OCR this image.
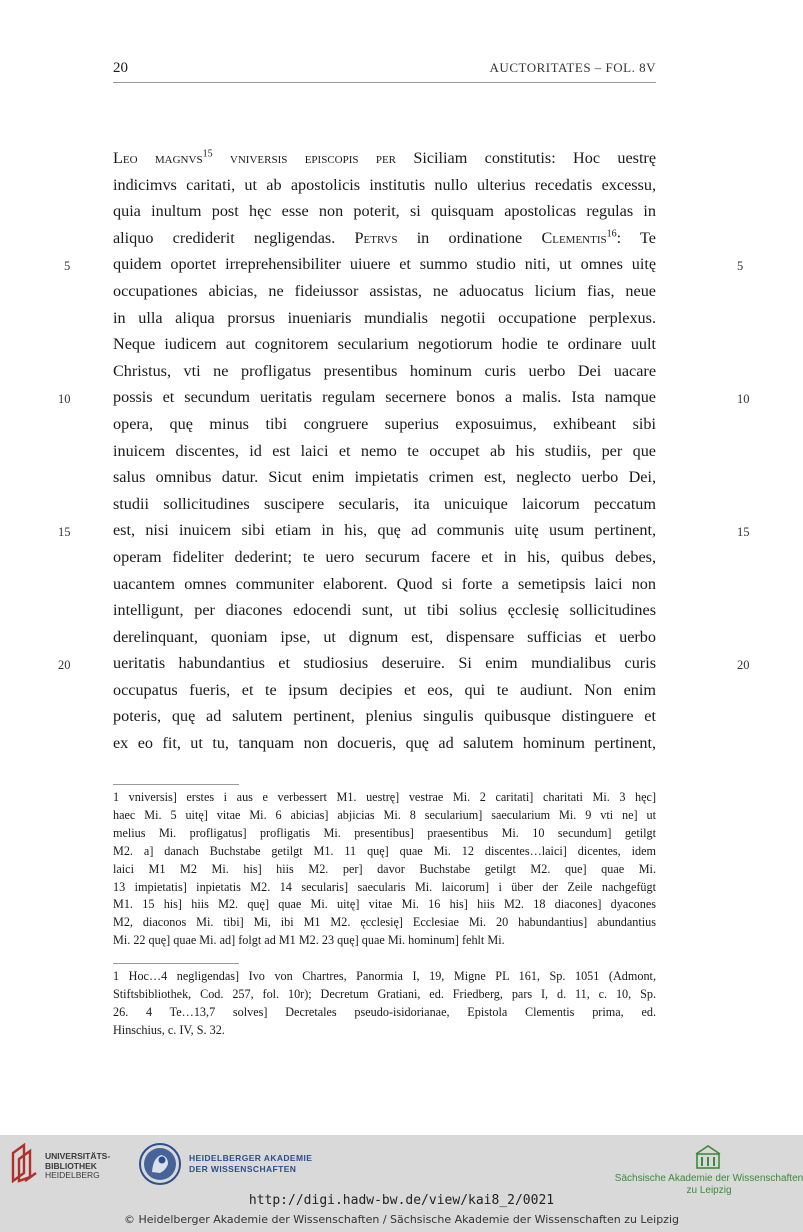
20	AUCTORITATES – FOL. 8V
Leo magnvs$^{15}$ vniversis episcopis per Siciliam constitutis: Hoc uestrę
indicimvs caritati, ut ab apostolicis institutis nullo ulterius recedatis excessu,
quia inultum post hęc esse non poterit, si quisquam apostolicas regulas in
aliquo crediderit negligendas. Petrvs in ordinatione Clementis$^{16}$: Te
quidem oportet irreprehensibiliter uiuere et summo studio niti, ut omnes uitę
occupationes abicias, ne fideiussor assistas, ne aduocatus licium fias, neue
in ulla aliqua prorsus inueniaris mundialis negotii occupatione perplexus.
Neque iudicem aut cognitorem secularium negotiorum hodie te ordinare uult
Christus, vti ne profligatus presentibus hominum curis uerbo Dei uacare
possis et secundum ueritatis regulam secernere bonos a malis. Ista namque
opera, quę minus tibi congruere superius exposuimus, exhibeant sibi
inuicem discentes, id est laici et nemo te occupet ab his studiis, per que
salus omnibus datur. Sicut enim impietatis crimen est, neglecto uerbo Dei,
studii sollicitudines suscipere secularis, ita unicuique laicorum peccatum
est, nisi inuicem sibi etiam in his, quę ad communis uitę usum pertinent,
operam fideliter dederint; te uero securum facere et in his, quibus debes,
uacantem omnes communiter elaborent. Quod si forte a semetipsis laici non
intelligunt, per diacones edocendi sunt, ut tibi solius ęcclesię sollicitudines
derelinquant, quoniam ipse, ut dignum est, dispensare sufficias et uerbo
ueritatis habundantius et studiosius deseruire. Si enim mundialibus curis
occupatus fueris, et te ipsum decipies et eos, qui te audiunt. Non enim
poteris, quę ad salutem pertinent, plenius singulis quibusque distinguere et
ex eo fit, ut tu, tanquam non docueris, quę ad salutem hominum pertinent,
5	5
10	10
15	15
20	20
1 vniversis] erstes i aus e verbessert M1. uestrę] vestrae Mi. 2 caritati] charitati Mi. 3 hęc]
haec Mi. 5 uitę] vitae Mi. 6 abicias] abjicias Mi. 8 secularium] saecularium Mi. 9 vti ne] ut
melius Mi. profligatus] profligatis Mi. presentibus] praesentibus Mi. 10 secundum] getilgt
M2. a] danach Buchstabe getilgt M1. 11 quę] quae Mi. 12 discentes…laici] dicentes, idem
laici M1 M2 Mi. his] hiis M2. per] davor Buchstabe getilgt M2. que] quae Mi.
13 impietatis] inpietatis M2. 14 secularis] saecularis Mi. laicorum] i über der Zeile nachgefügt
M1. 15 his] hiis M2. quę] quae Mi. uitę] vitae Mi. 16 his] hiis M2. 18 diacones] dyacones
M2, diaconos Mi. tibi] Mi, ibi M1 M2. ęcclesię] Ecclesiae Mi. 20 habundantius] abundantius
Mi. 22 quę] quae Mi. ad] folgt ad M1 M2. 23 quę] quae Mi. hominum] fehlt Mi.
1 Hoc…4 negligendas] Ivo von Chartres, Panormia I, 19, Migne PL 161, Sp. 1051 (Admont,
Stiftsbibliothek, Cod. 257, fol. 10r); Decretum Gratiani, ed. Friedberg, pars I, d. 11, c. 10, Sp.
26. 4 Te…13,7 solves] Decretales pseudo-isidorianae, Epistola Clementis prima, ed.
Hinschius, c. IV, S. 32.
UNIVERSITÄTS-
BIBLIOTHEK
HEIDELBERG
HEIDELBERGER AKADEMIE
DER WISSENSCHAFTEN
Sächsische Akademie der Wissenschaften
zu Leipzig
http://digi.hadw-bw.de/view/kai8_2/0021
© Heidelberger Akademie der Wissenschaften / Sächsische Akademie der Wissenschaften zu Leipzig
